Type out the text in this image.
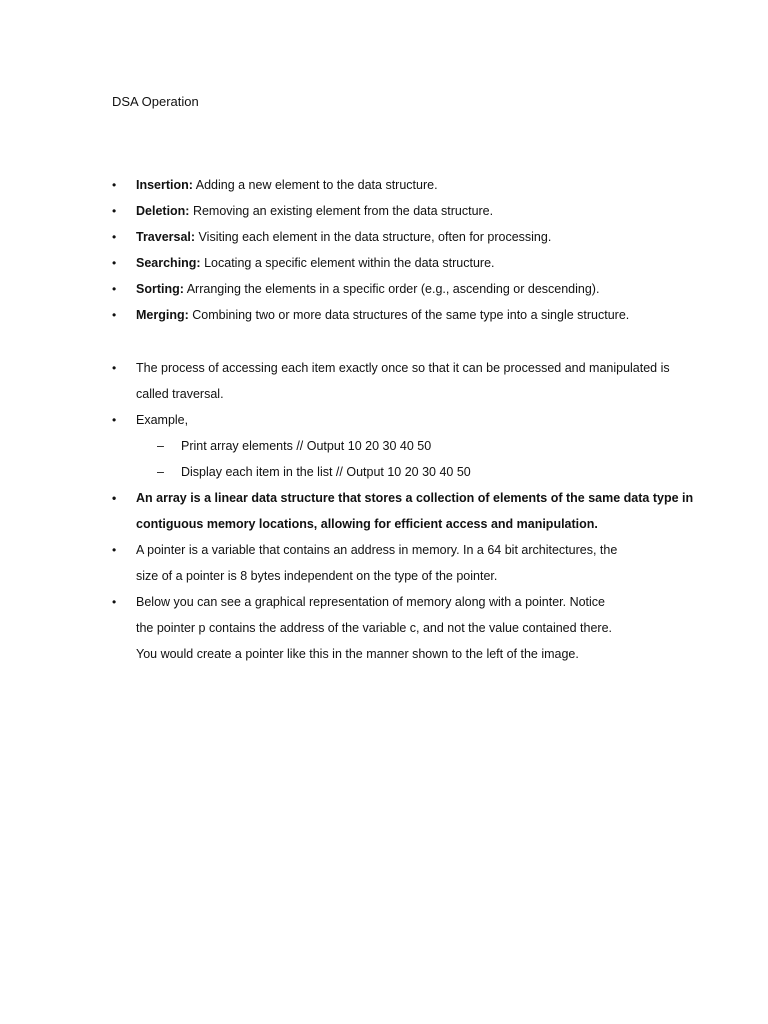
DSA Operation
• Insertion: Adding a new element to the data structure.
• Deletion: Removing an existing element from the data structure.
• Traversal: Visiting each element in the data structure, often for processing.
• Searching: Locating a specific element within the data structure.
• Sorting: Arranging the elements in a specific order (e.g., ascending or descending).
• Merging: Combining two or more data structures of the same type into a single structure.
• The process of accessing each item exactly once so that it can be processed and manipulated is
called traversal.
• Example,
– Print array elements // Output 10 20 30 40 50
– Display each item in the list // Output 10 20 30 40 50
• An array is a linear data structure that stores a collection of elements of the same data type in
contiguous memory locations, allowing for efficient access and manipulation.
• A pointer is a variable that contains an address in memory. In a 64 bit architectures, the
size of a pointer is 8 bytes independent on the type of the pointer.
• Below you can see a graphical representation of memory along with a pointer. Notice
the pointer p contains the address of the variable c, and not the value contained there.
You would create a pointer like this in the manner shown to the left of the image.
